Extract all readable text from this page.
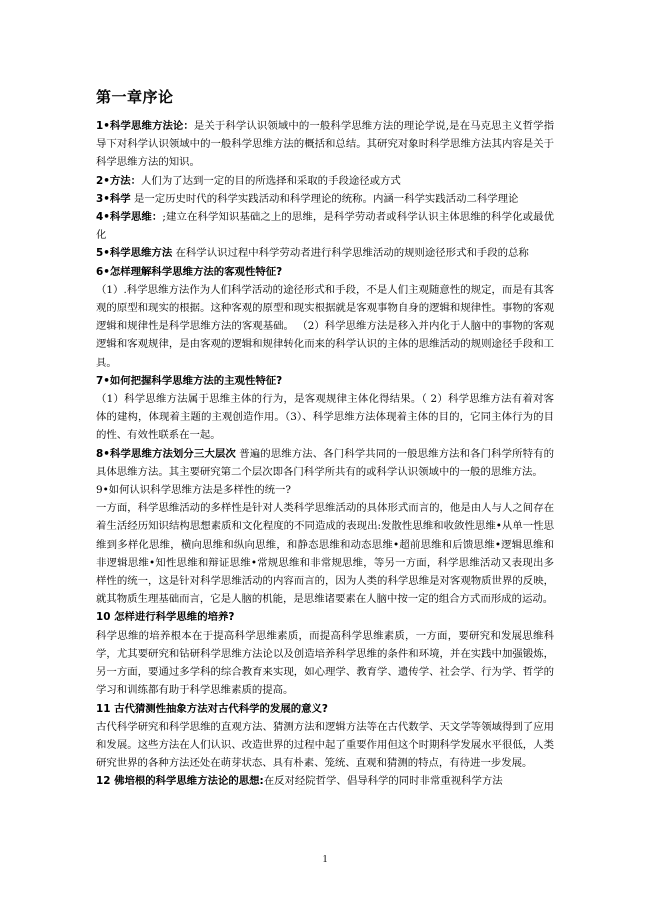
第一章序论

1•科学思维方法论：是关于科学认识领域中的一般科学思维方法的理论学说,是在马克思主义哲学指导下对科学认识领域中的一般科学思维方法的概括和总结。其研究对象时科学思维方法其内容是关于科学思维方法的知识。

2•方法：人们为了达到一定的目的所选择和采取的手段途径或方式

3•科学 是一定历史时代的科学实践活动和科学理论的统称。内涵一科学实践活动二科学理论

4•科学思维：;建立在科学知识基础之上的思维，是科学劳动者或科学认识主体思维的科学化或最优化

5•科学思维方法 在科学认识过程中科学劳动者进行科学思维活动的规则途径形式和手段的总称

6•怎样理解科学思维方法的客观性特征?

（1）.科学思维方法作为人们科学活动的途径形式和手段，不是人们主观随意性的规定，而是有其客观的原型和现实的根据。这种客观的原型和现实根据就是客观事物自身的逻辑和规律性。事物的客观逻辑和规律性是科学思维方法的客观基础。 （2）科学思维方法是移入并内化于人脑中的事物的客观逻辑和客观规律，是由客观的逻辑和规律转化而来的科学认识的主体的思维活动的规则途径手段和工具。

7•如何把握科学思维方法的主观性特征?

（1）科学思维方法属于思维主体的行为，是客观规律主体化得结果。（ 2）科学思维方法有着对客体的建构，体现着主题的主观创造作用。（3）、科学思维方法体现着主体的目的，它同主体行为的目的性、有效性联系在一起。

8•科学思维方法划分三大层次 普遍的思维方法、各门科学共同的一般思维方法和各门科学所特有的具体思维方法。其主要研究第二个层次即各门科学所共有的或科学认识领域中的一般的思维方法。

9•如何认识科学思维方法是多样性的统一?

一方面，科学思维活动的多样性是针对人类科学思维活动的具体形式而言的，他是由人与人之间存在着生活经历知识结构思想素质和文化程度的不同造成的表现出:发散性思维和收敛性思维•从单一性思维到多样化思维，横向思维和纵向思维，和静态思维和动态思维•超前思维和后馈思维•逻辑思维和非逻辑思维•知性思维和辩证思维•常规思维和非常规思维，等另一方面，科学思维活动又表现出多样性的统一，这是针对科学思维活动的内容而言的，因为人类的科学思维是对客观物质世界的反映，就其物质生理基础而言，它是人脑的机能，是思维诸要素在人脑中按一定的组合方式而形成的运动。

10 怎样进行科学思维的培养?

科学思维的培养根本在于提高科学思维素质，而提高科学思维素质，一方面，要研究和发展思维科学，尤其要研究和钻研科学思维方法论以及创造培养科学思维的条件和环境，并在实践中加强锻炼，另一方面，要通过多学科的综合教育来实现，如心理学、教育学、遗传学、社会学、行为学、哲学的学习和训练都有助于科学思维素质的提高。

11 古代猜测性抽象方法对古代科学的发展的意义?

古代科学研究和科学思维的直观方法、猜测方法和逻辑方法等在古代数学、天文学等领域得到了应用和发展。这些方法在人们认识、改造世界的过程中起了重要作用但这个时期科学发展水平很低，人类研究世界的各种方法还处在萌芽状态、具有朴素、笼统、直观和猜测的特点，有待进一步发展。

12 佛培根的科学思维方法论的思想:在反对经院哲学、倡导科学的同时非常重视科学方法

1
